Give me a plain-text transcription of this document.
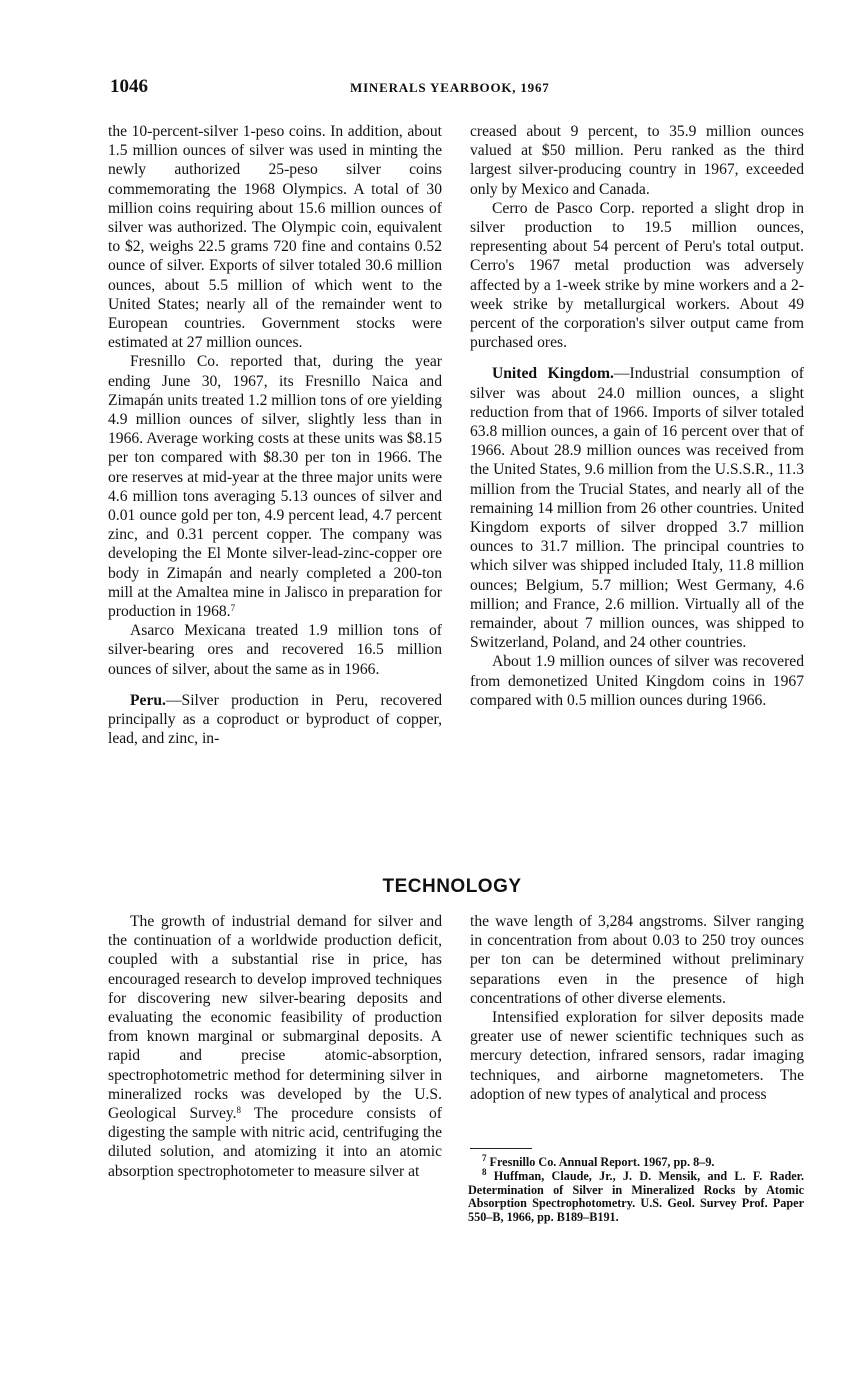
1046	MINERALS YEARBOOK, 1967

the 10-percent-silver 1-peso coins. In addition, about 1.5 million ounces of silver was used in minting the newly authorized 25-peso silver coins commemorating the 1968 Olympics. A total of 30 million coins requiring about 15.6 million ounces of silver was authorized. The Olympic coin, equivalent to $2, weighs 22.5 grams 720 fine and contains 0.52 ounce of silver. Exports of silver totaled 30.6 million ounces, about 5.5 million of which went to the United States; nearly all of the remainder went to European countries. Government stocks were estimated at 27 million ounces.

Fresnillo Co. reported that, during the year ending June 30, 1967, its Fresnillo Naica and Zimapán units treated 1.2 million tons of ore yielding 4.9 million ounces of silver, slightly less than in 1966. Average working costs at these units was $8.15 per ton compared with $8.30 per ton in 1966. The ore reserves at mid-year at the three major units were 4.6 million tons averaging 5.13 ounces of silver and 0.01 ounce gold per ton, 4.9 percent lead, 4.7 percent zinc, and 0.31 percent copper. The company was developing the El Monte silver-lead-zinc-copper ore body in Zimapán and nearly completed a 200-ton mill at the Amaltea mine in Jalisco in preparation for production in 1968.$^7$

Asarco Mexicana treated 1.9 million tons of silver-bearing ores and recovered 16.5 million ounces of silver, about the same as in 1966.

Peru.—Silver production in Peru, recovered principally as a coproduct or byproduct of copper, lead, and zinc, in-

creased about 9 percent, to 35.9 million ounces valued at $50 million. Peru ranked as the third largest silver-producing country in 1967, exceeded only by Mexico and Canada.

Cerro de Pasco Corp. reported a slight drop in silver production to 19.5 million ounces, representing about 54 percent of Peru's total output. Cerro's 1967 metal production was adversely affected by a 1-week strike by mine workers and a 2-week strike by metallurgical workers. About 49 percent of the corporation's silver output came from purchased ores.

United Kingdom.—Industrial consumption of silver was about 24.0 million ounces, a slight reduction from that of 1966. Imports of silver totaled 63.8 million ounces, a gain of 16 percent over that of 1966. About 28.9 million ounces was received from the United States, 9.6 million from the U.S.S.R., 11.3 million from the Trucial States, and nearly all of the remaining 14 million from 26 other countries. United Kingdom exports of silver dropped 3.7 million ounces to 31.7 million. The principal countries to which silver was shipped included Italy, 11.8 million ounces; Belgium, 5.7 million; West Germany, 4.6 million; and France, 2.6 million. Virtually all of the remainder, about 7 million ounces, was shipped to Switzerland, Poland, and 24 other countries.

About 1.9 million ounces of silver was recovered from demonetized United Kingdom coins in 1967 compared with 0.5 million ounces during 1966.

TECHNOLOGY

The growth of industrial demand for silver and the continuation of a worldwide production deficit, coupled with a substantial rise in price, has encouraged research to develop improved techniques for discovering new silver-bearing deposits and evaluating the economic feasibility of production from known marginal or submarginal deposits. A rapid and precise atomic-absorption, spectrophotometric method for determining silver in mineralized rocks was developed by the U.S. Geological Survey.$^8$ The procedure consists of digesting the sample with nitric acid, centrifuging the diluted solution, and atomizing it into an atomic absorption spectrophotometer to measure silver at

the wave length of 3,284 angstroms. Silver ranging in concentration from about 0.03 to 250 troy ounces per ton can be determined without preliminary separations even in the presence of high concentrations of other diverse elements.

Intensified exploration for silver deposits made greater use of newer scientific techniques such as mercury detection, infrared sensors, radar imaging techniques, and airborne magnetometers. The adoption of new types of analytical and process

$^7$ Fresnillo Co. Annual Report. 1967, pp. 8–9.

$^8$ Huffman, Claude, Jr., J. D. Mensik, and L. F. Rader. Determination of Silver in Mineralized Rocks by Atomic Absorption Spectrophotometry. U.S. Geol. Survey Prof. Paper 550–B, 1966, pp. B189–B191.
